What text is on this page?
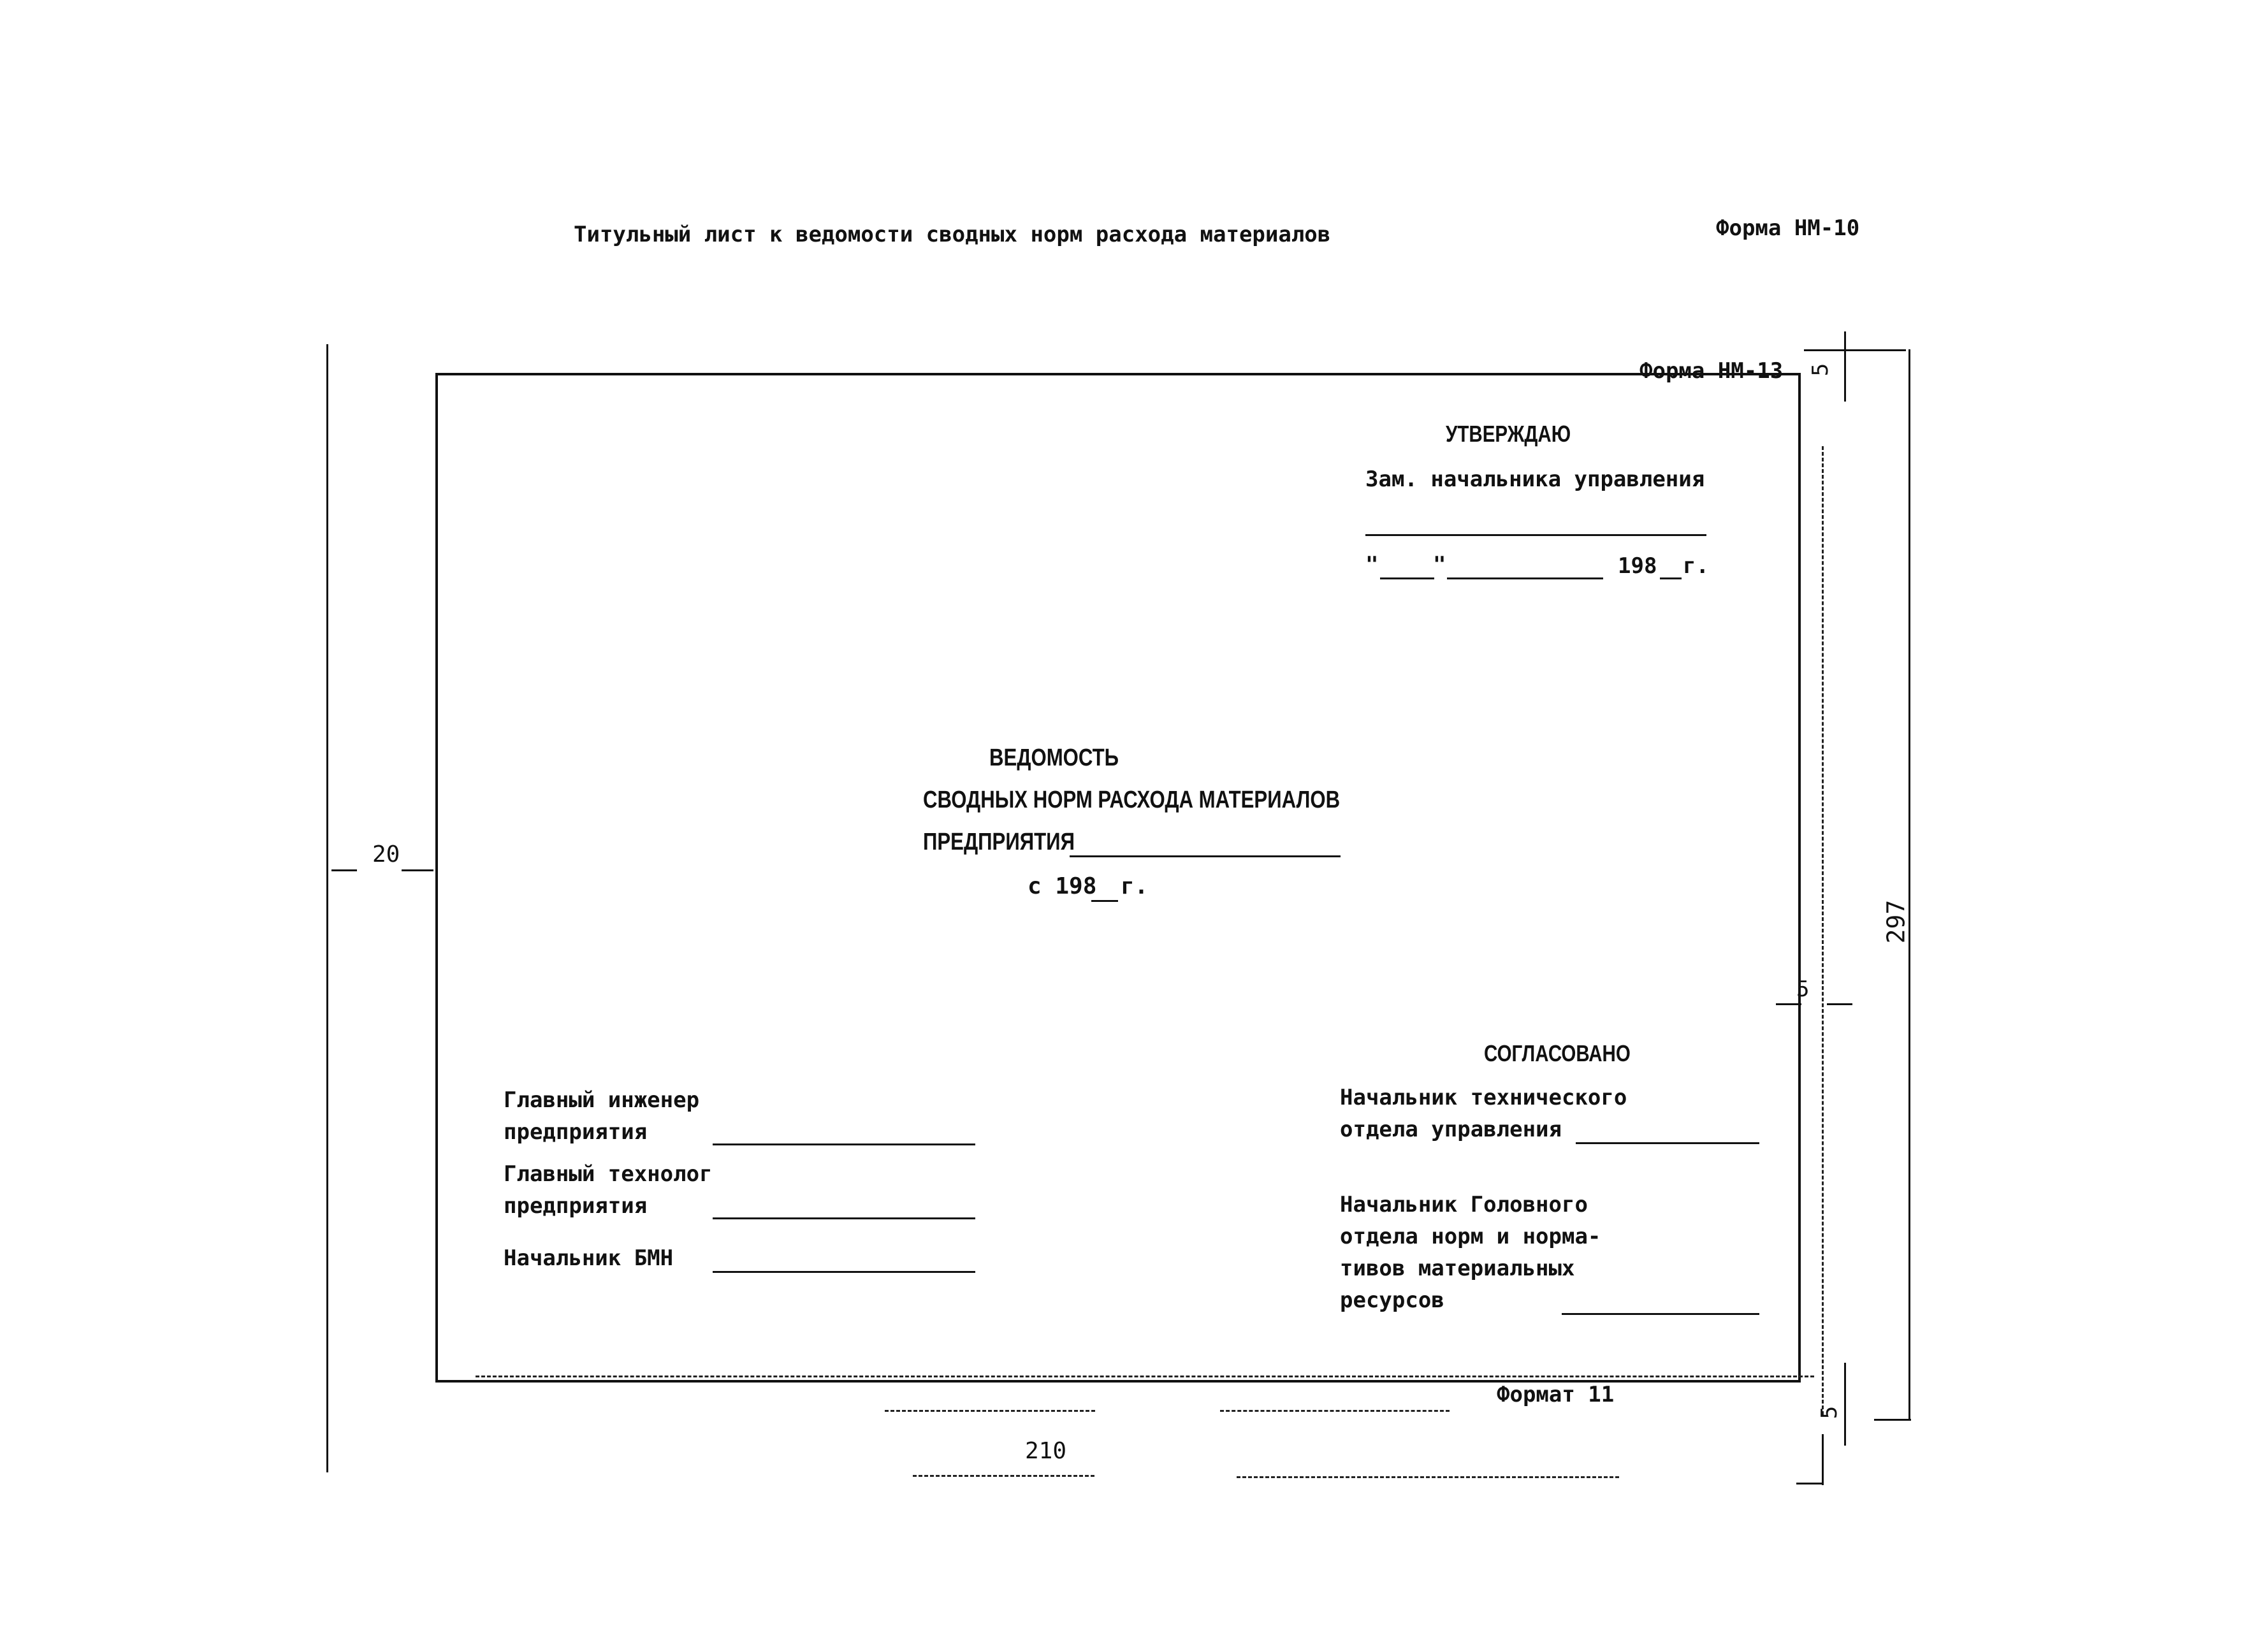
Титульный лист к ведомости сводных норм расхода материалов	Форма НМ-10
Форма НМ-13
УТВЕРЖДАЮ
Зам. начальника управления
"	"	198 г.
ВЕДОМОСТЬ
СВОДНЫХ НОРМ РАСХОДА МАТЕРИАЛОВ
ПРЕДПРИЯТИЯ
с 198 г.
Главный инженер
предприятия
Главный технолог
предприятия
Начальник БМН
СОГЛАСОВАНО
Начальник технического
отдела управления
Начальник Головного
отдела норм и норма-
тивов материальных
ресурсов
Формат 11
20
5
5
297
5
210
